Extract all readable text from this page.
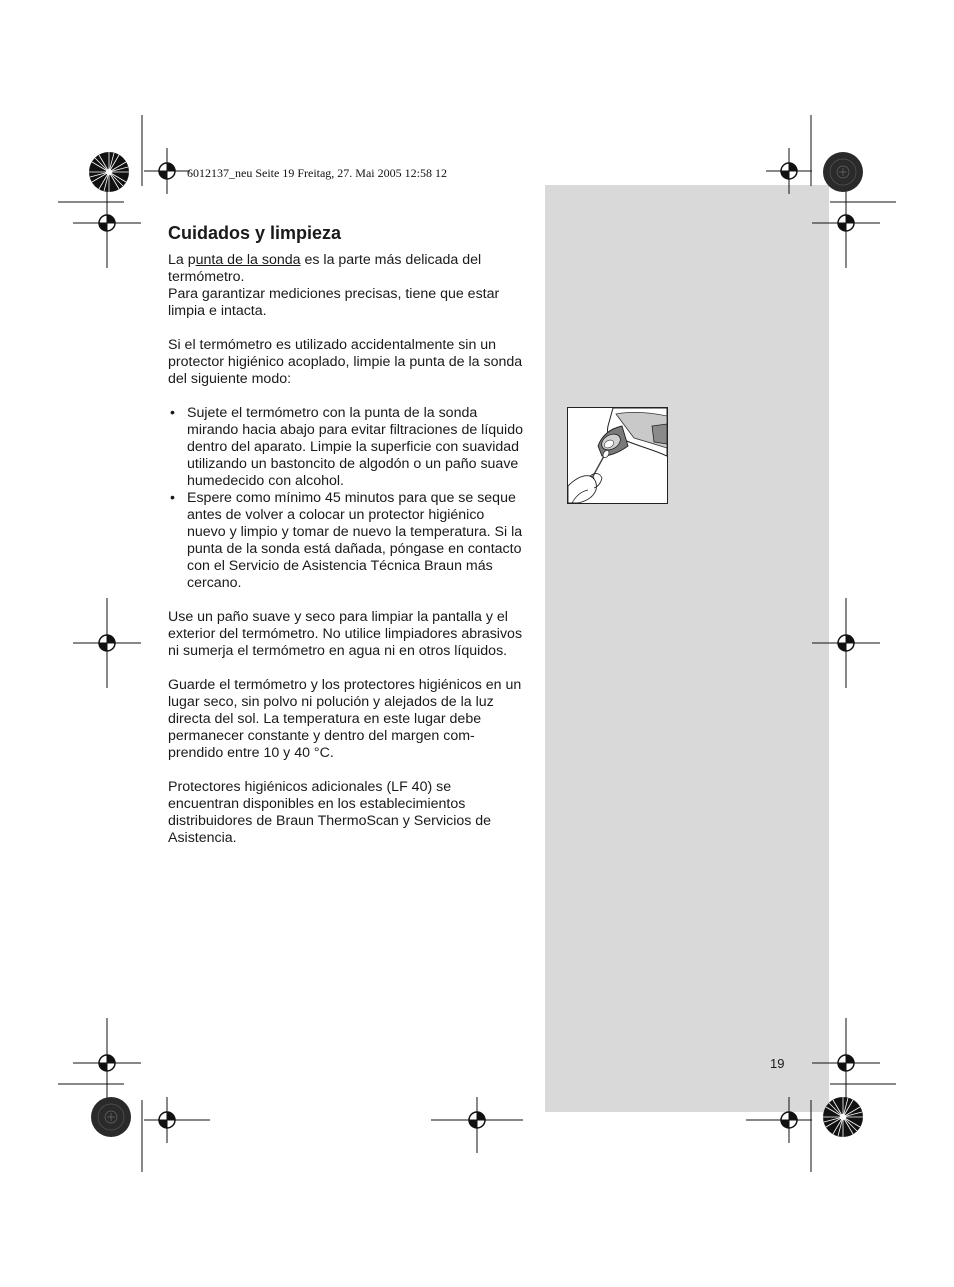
6012137_neu Seite 19 Freitag, 27. Mai 2005 12:58 12
Cuidados y limpieza

La punta de la sonda es la parte más delicada del termómetro.
Para garantizar mediciones precisas, tiene que estar limpia e intacta.

Si el termómetro es utilizado accidentalmente sin un protector higiénico acoplado, limpie la punta de la sonda del siguiente modo:

• Sujete el termómetro con la punta de la sonda mirando hacia abajo para evitar filtraciones de líquido dentro del aparato. Limpie la superficie con suavidad utilizando un bastoncito de algodón o un paño suave humedecido con alcohol.
• Espere como mínimo 45 minutos para que se seque antes de volver a colocar un protector higiénico nuevo y limpio y tomar de nuevo la temperatura. Si la punta de la sonda está dañada, póngase en contacto con el Servicio de Asistencia Técnica Braun más cercano.

Use un paño suave y seco para limpiar la pantalla y el exterior del termómetro. No utilice limpiadores abrasivos ni sumerja el termómetro en agua ni en otros líquidos.

Guarde el termómetro y los protectores higiénicos en un lugar seco, sin polvo ni polución y alejados de la luz directa del sol. La temperatura en este lugar debe permanecer constante y dentro del margen com-prendido entre 10 y 40 °C.

Protectores higiénicos adicionales (LF 40) se encuentran disponibles en los establecimientos distribuidores de Braun ThermoScan y Servicios de Asistencia.

19
